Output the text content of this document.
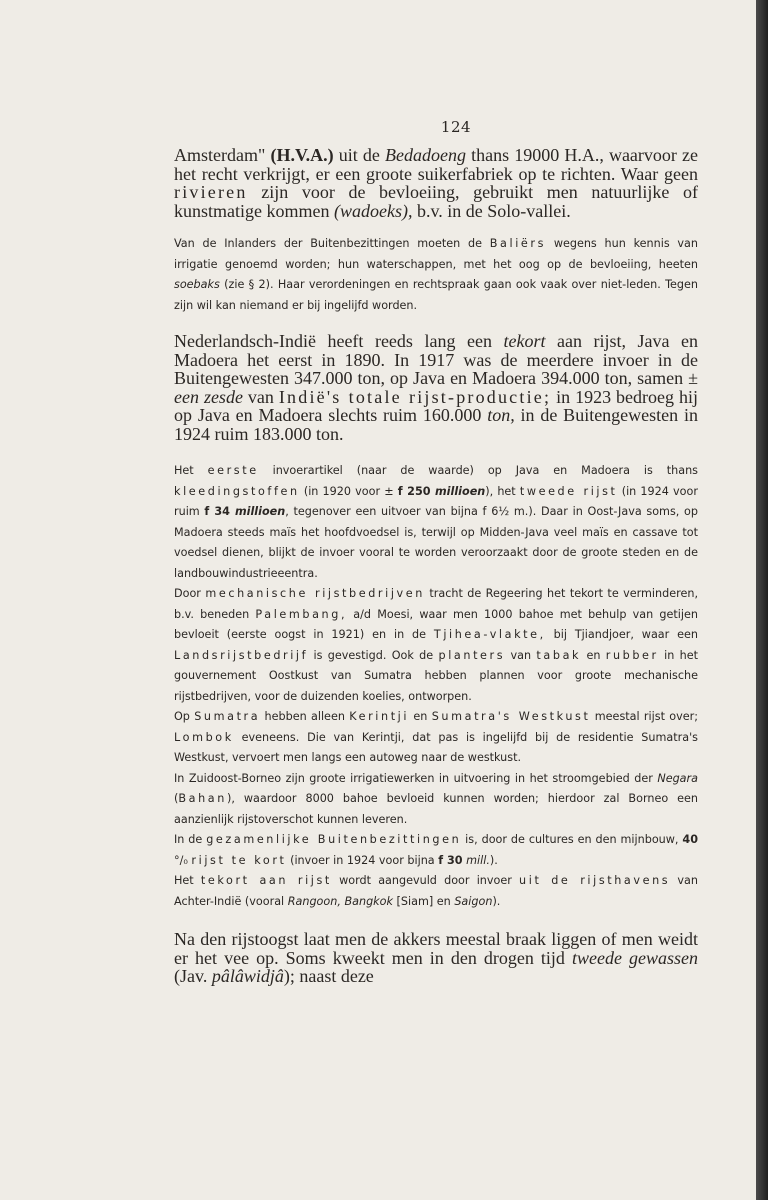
124

Amsterdam" (H.V.A.) uit de Bedadoeng thans 19000 H.A., waarvoor ze het recht verkrijgt, er een groote suikerfabriek op te richten. Waar geen rivieren zijn voor de bevloeiing, gebruikt men natuurlijke of kunstmatige kommen (wadoeks), b.v. in de Solo-vallei.

Van de Inlanders der Buitenbezittingen moeten de Baliërs wegens hun kennis van irrigatie genoemd worden; hun waterschappen, met het oog op de bevloeiing, heeten soebaks (zie § 2). Haar verordeningen en rechtspraak gaan ook vaak over niet-leden. Tegen zijn wil kan niemand er bij ingelijfd worden.

Nederlandsch-Indië heeft reeds lang een tekort aan rijst, Java en Madoera het eerst in 1890. In 1917 was de meerdere invoer in de Buitengewesten 347.000 ton, op Java en Madoera 394.000 ton, samen ± een zesde van Indië's totale rijst-productie; in 1923 bedroeg hij op Java en Madoera slechts ruim 160.000 ton, in de Buitengewesten in 1924 ruim 183.000 ton.

Het eerste invoerartikel (naar de waarde) op Java en Madoera is thans kleedingstoffen (in 1920 voor ± f 250 millioen), het tweede rijst (in 1924 voor ruim f 34 millioen, tegenover een uitvoer van bijna f 6½ m.). Daar in Oost-Java soms, op Madoera steeds maïs het hoofdvoedsel is, terwijl op Midden-Java veel maïs en cassave tot voedsel dienen, blijkt de invoer vooral te worden veroorzaakt door de groote steden en de landbouwindustrieeentra.

Door mechanische rijstbedrijven tracht de Regeering het tekort te verminderen, b.v. beneden Palembang, a/d Moesi, waar men 1000 bahoe met behulp van getijen bevloeit (eerste oogst in 1921) en in de Tjihea-vlakte, bij Tjiandjoer, waar een Landsrijstbedrijf is gevestigd. Ook de planters van tabak en rubber in het gouvernement Oostkust van Sumatra hebben plannen voor groote mechanische rijstbedrijven, voor de duizenden koelies, ontworpen.

Op Sumatra hebben alleen Kerintji en Sumatra's Westkust meestal rijst over; Lombok eveneens. Die van Kerintji, dat pas is ingelijfd bij de residentie Sumatra's Westkust, vervoert men langs een autoweg naar de westkust.

In Zuidoost-Borneo zijn groote irrigatiewerken in uitvoering in het stroomgebied der Negara (Bahan), waardoor 8000 bahoe bevloeid kunnen worden; hierdoor zal Borneo een aanzienlijk rijstoverschot kunnen leveren.

In de gezamenlijke Buitenbezittingen is, door de cultures en den mijnbouw, 40 °/₀ rijst te kort (invoer in 1924 voor bijna f 30 mill.).

Het tekort aan rijst wordt aangevuld door invoer uit de rijsthavens van Achter-Indië (vooral Rangoon, Bangkok [Siam] en Saigon).

Na den rijstoogst laat men de akkers meestal braak liggen of men weidt er het vee op. Soms kweekt men in den drogen tijd tweede gewassen (Jav. pâlâwidjâ); naast deze
